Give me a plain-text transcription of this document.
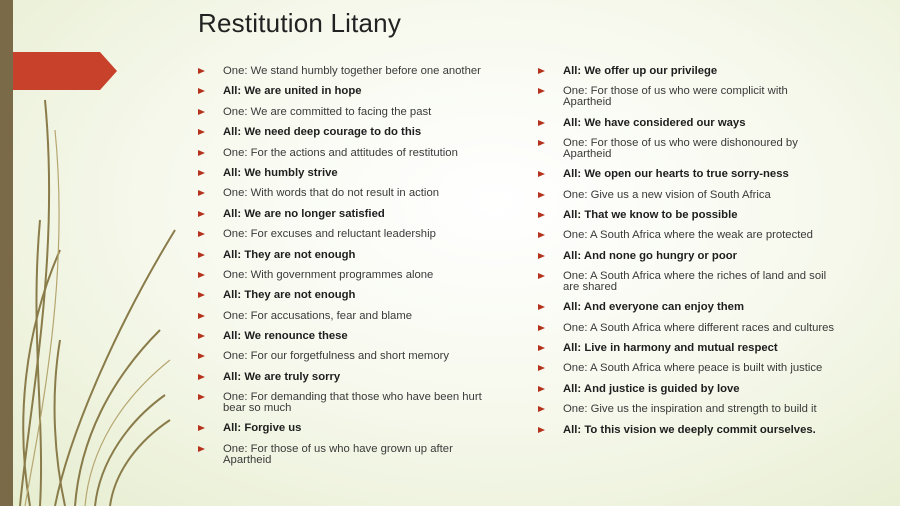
Restitution Litany
One: We stand humbly together before one another
All: We are united in hope
One: We are committed to facing the past
All: We need deep courage to do this
One: For the actions and attitudes of restitution
All: We humbly strive
One: With words that do not result in action
All: We are no longer satisfied
One: For excuses and reluctant leadership
All: They are not enough
One: With government programmes alone
All: They are not enough
One: For accusations, fear and blame
All: We renounce these
One: For our forgetfulness and short memory
All: We are truly sorry
One: For demanding that those who have been hurt bear so much
All: Forgive us
One: For those of us who have grown up after Apartheid
All: We offer up our privilege
One: For those of us who were complicit with Apartheid
All: We have considered our ways
One: For those of us who were dishonoured by Apartheid
All: We open our hearts to true sorry-ness
One: Give us a new vision of South Africa
All: That we know to be possible
One: A South Africa where the weak are protected
All: And none go hungry or poor
One: A South Africa where the riches of land and soil are shared
All: And everyone can enjoy them
One: A South Africa where different races and cultures
All: Live in harmony and mutual respect
One: A South Africa where peace is built with justice
All: And justice is guided by love
One: Give us the inspiration and strength to build it
All: To this vision we deeply commit ourselves.
